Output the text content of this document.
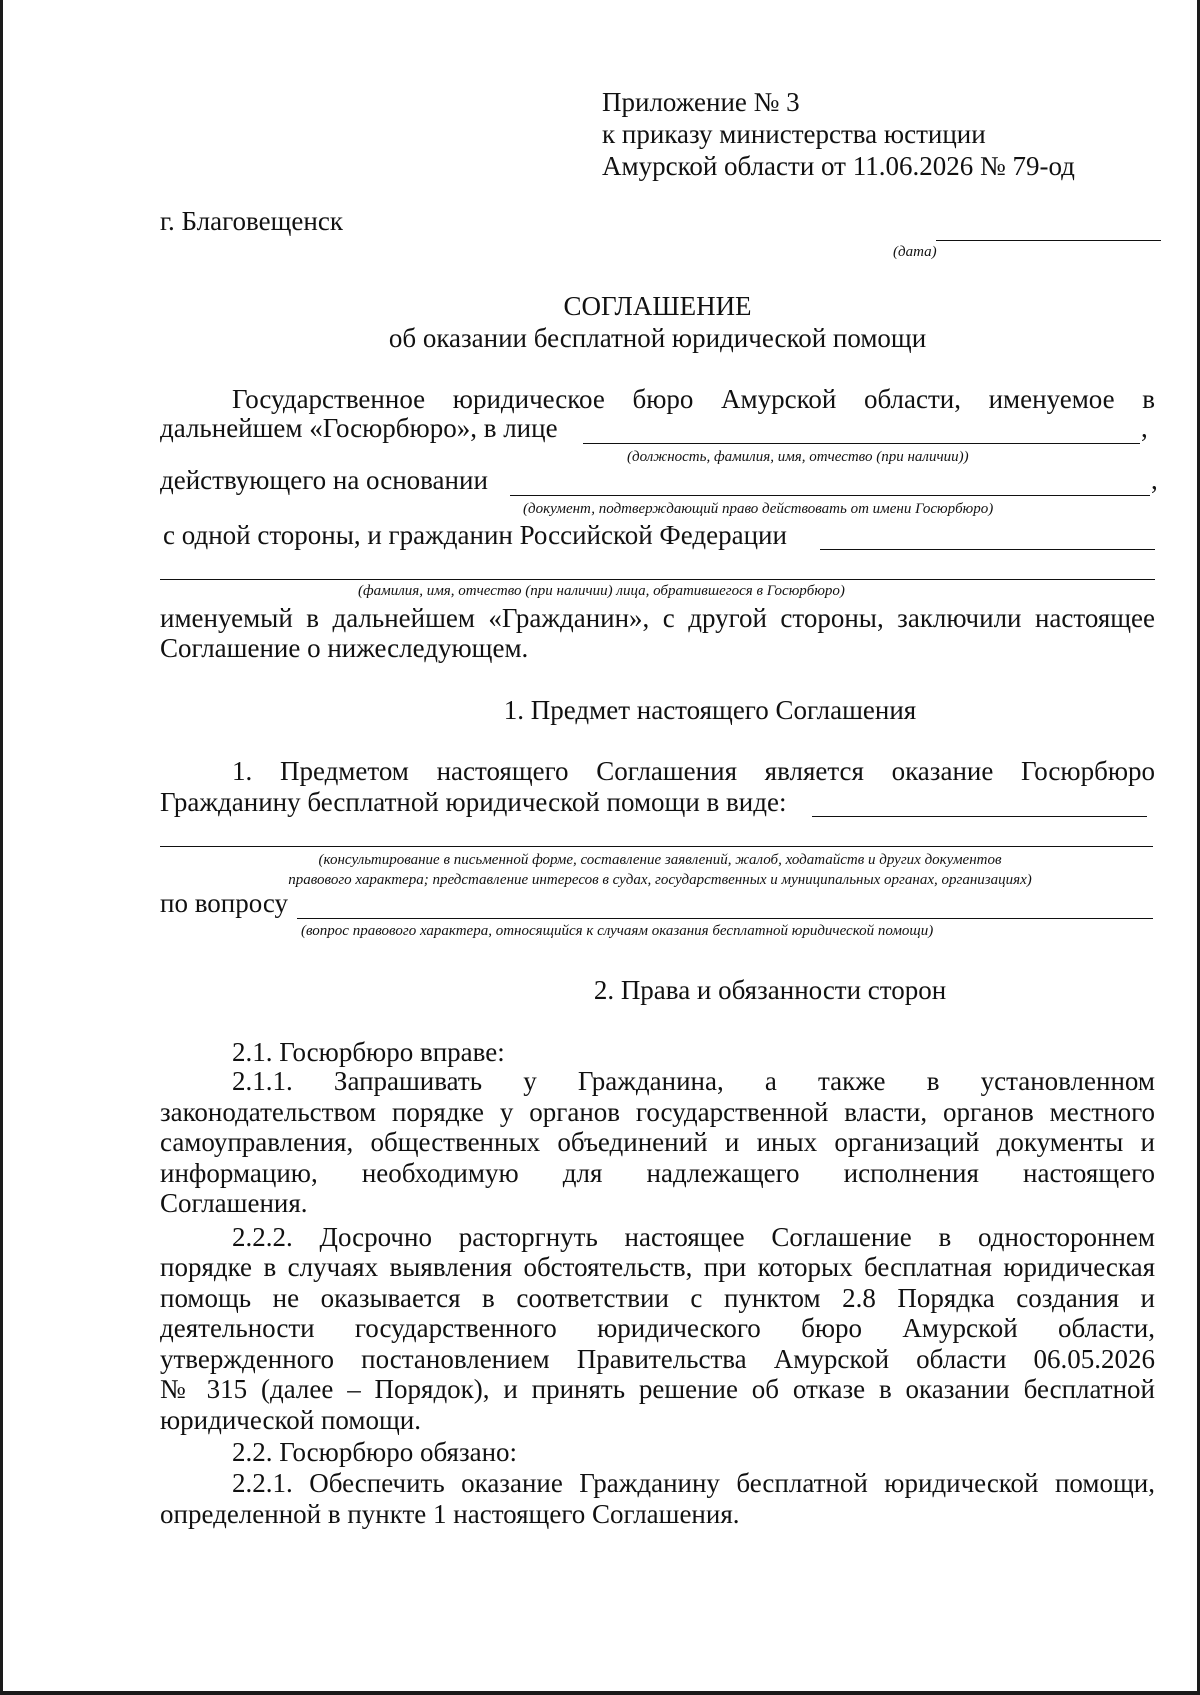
Приложение № 3
к приказу министерства юстиции
Амурской области от 11.06.2026 № 79-од
г. Благовещенск
(дата)
СОГЛАШЕНИЕ
об оказании бесплатной юридической помощи
Государственное юридическое бюро Амурской области, именуемое в
дальнейшем «Госюрбюро», в лице	,
(должность, фамилия, имя, отчество (при наличии))
действующего на основании	,
(документ, подтверждающий право действовать от имени Госюрбюро)
с одной стороны, и гражданин Российской Федерации
(фамилия, имя, отчество (при наличии) лица, обратившегося в Госюрбюро)
именуемый в дальнейшем «Гражданин», с другой стороны, заключили настоящее
Соглашение о нижеследующем.
1. Предмет настоящего Соглашения
1. Предметом настоящего Соглашения является оказание Госюрбюро
Гражданину бесплатной юридической помощи в виде:
(консультирование в письменной форме, составление заявлений, жалоб, ходатайств и других документов
правового характера; представление интересов в судах, государственных и муниципальных органах, организациях)
по вопросу
(вопрос правового характера, относящийся к случаям оказания бесплатной юридической помощи)
2. Права и обязанности сторон
2.1. Госюрбюро вправе:
2.1.1. Запрашивать у Гражданина, а также в установленном
законодательством порядке у органов государственной власти, органов местного
самоуправления, общественных объединений и иных организаций документы и
информацию, необходимую для надлежащего исполнения настоящего
Соглашения.
2.2.2. Досрочно расторгнуть настоящее Соглашение в одностороннем
порядке в случаях выявления обстоятельств, при которых бесплатная юридическая
помощь не оказывается в соответствии с пунктом 2.8 Порядка создания и
деятельности государственного юридического бюро Амурской области,
утвержденного постановлением Правительства Амурской области 06.05.2026
№ 315 (далее – Порядок), и принять решение об отказе в оказании бесплатной
юридической помощи.
2.2. Госюрбюро обязано:
2.2.1. Обеспечить оказание Гражданину бесплатной юридической помощи,
определенной в пункте 1 настоящего Соглашения.
